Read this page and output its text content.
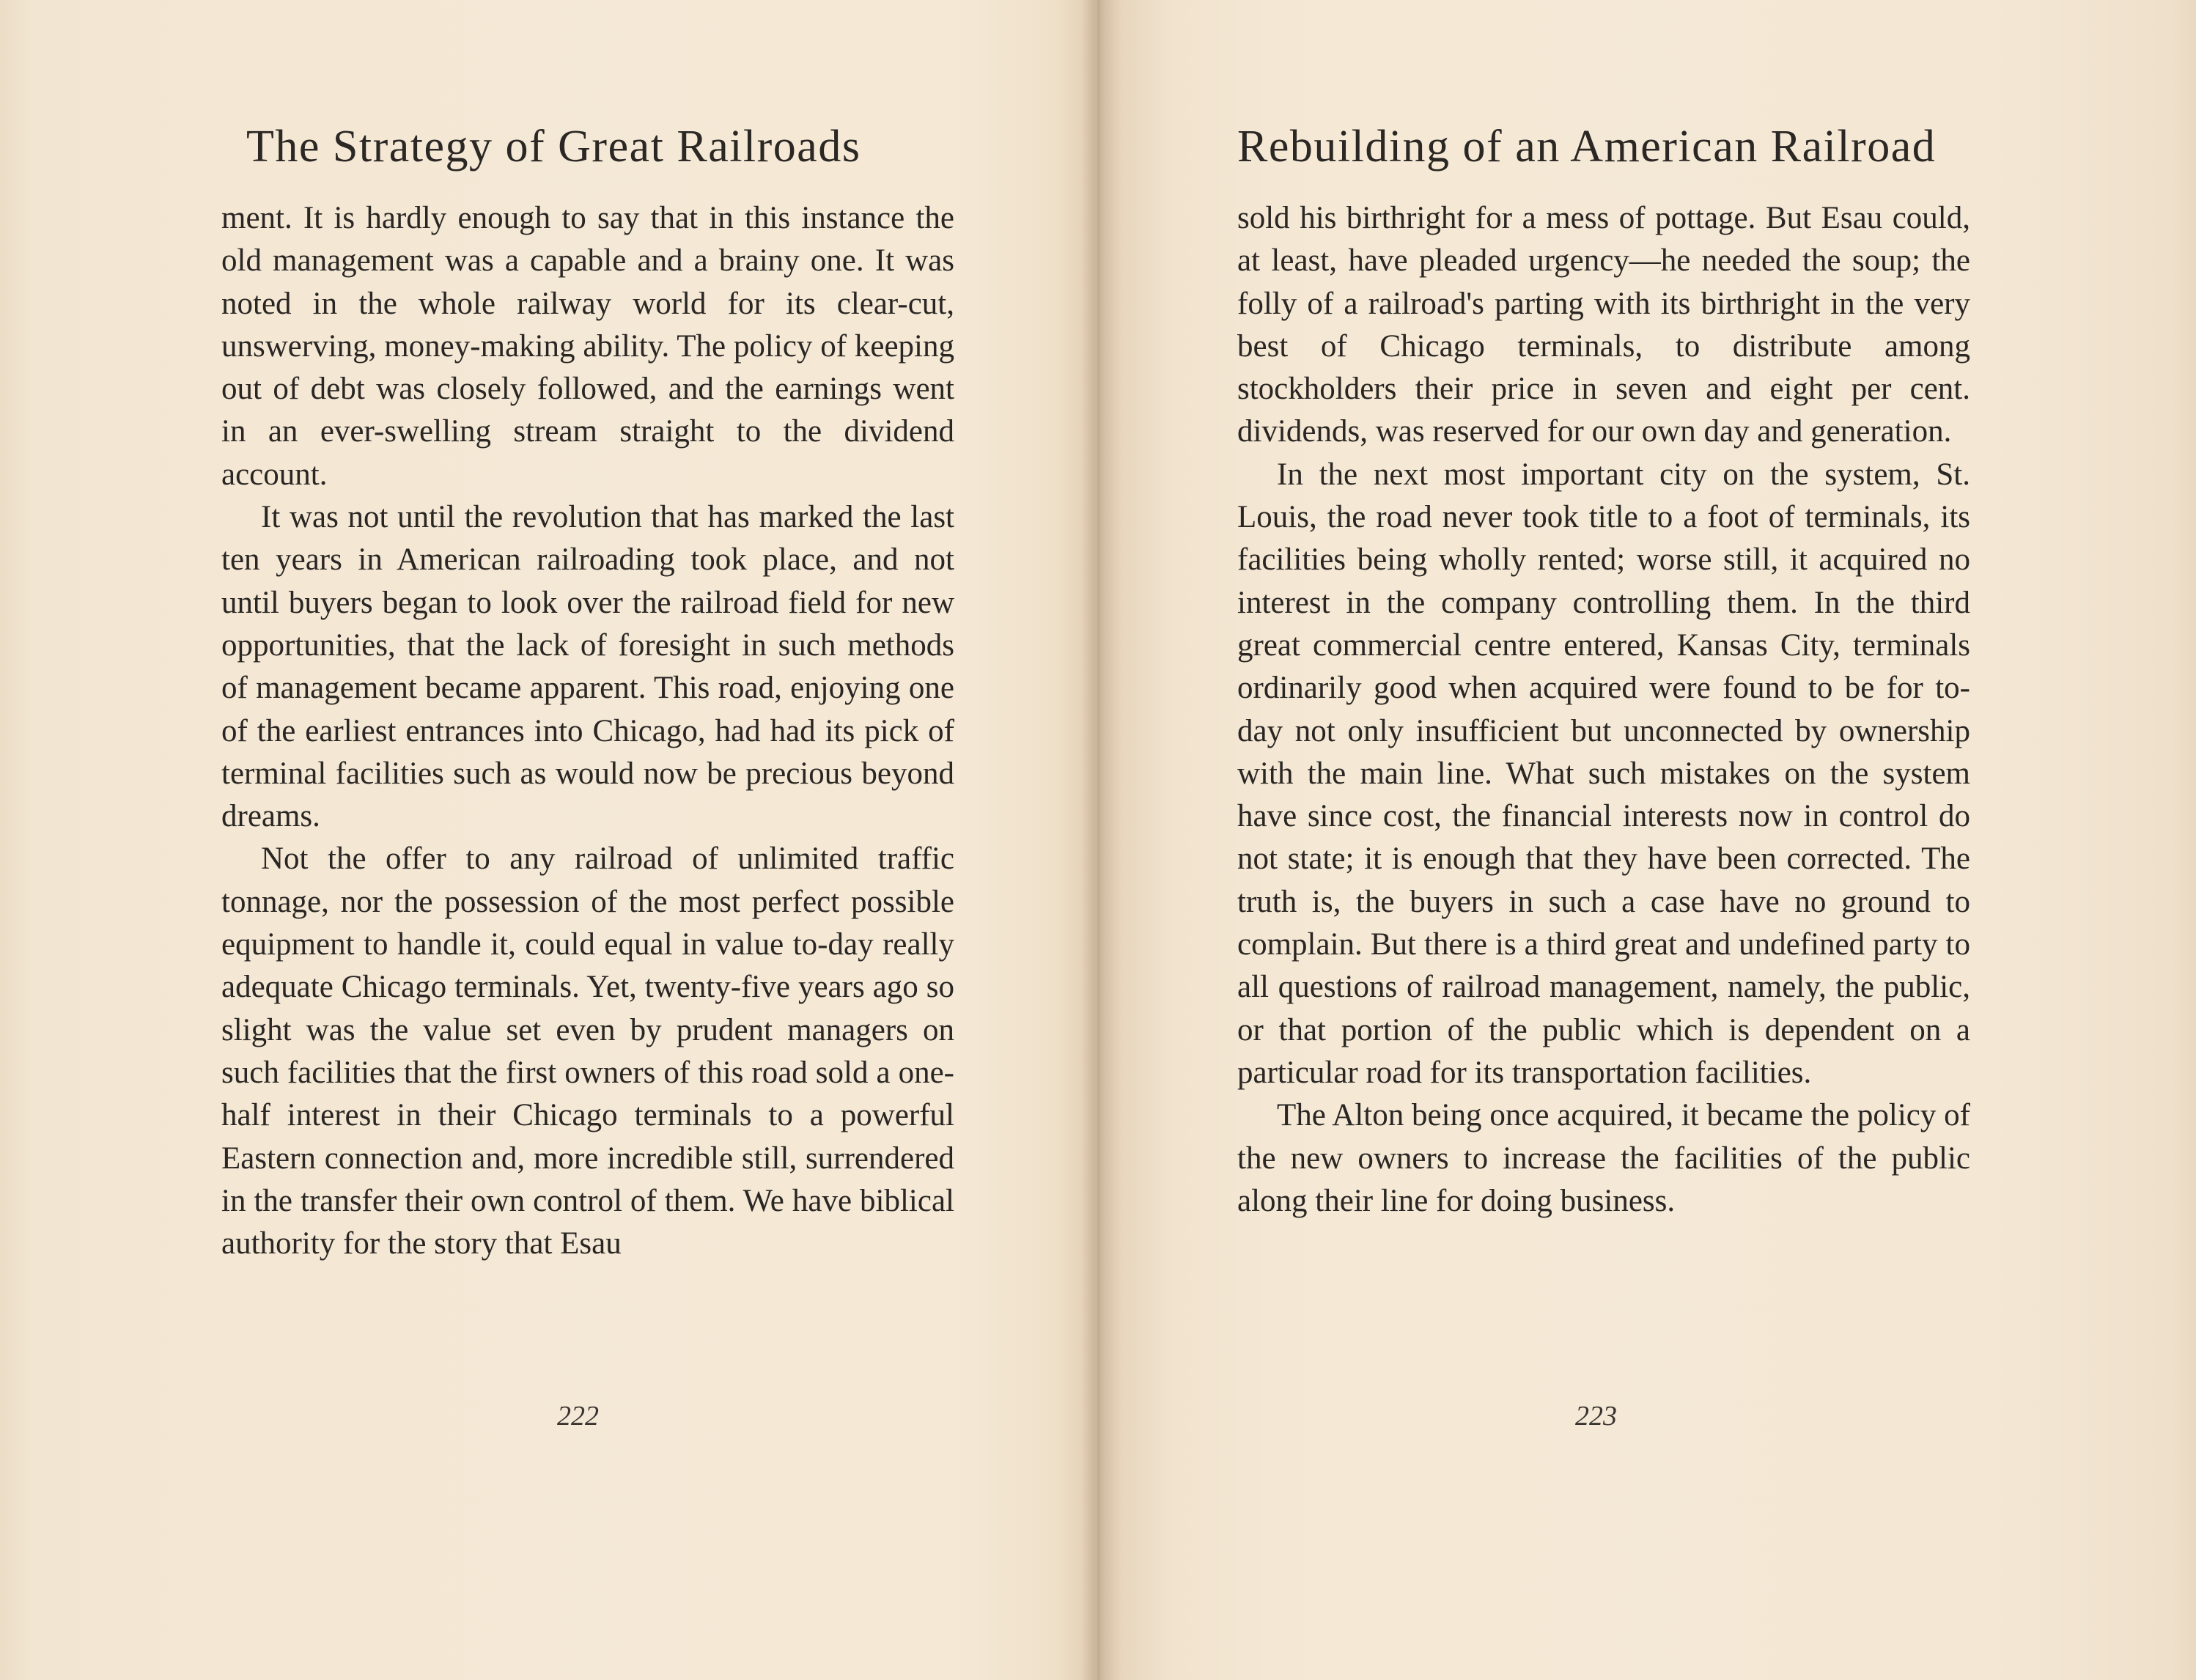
The Strategy of Great Railroads

ment. It is hardly enough to say that in this instance the old management was a capable and a brainy one. It was noted in the whole railway world for its clear-cut, unswerving, money-making ability. The policy of keeping out of debt was closely followed, and the earnings went in an ever-swelling stream straight to the dividend account.

It was not until the revolution that has marked the last ten years in American railroading took place, and not until buyers began to look over the railroad field for new opportunities, that the lack of foresight in such methods of management became apparent. This road, enjoying one of the earliest entrances into Chicago, had had its pick of terminal facilities such as would now be precious beyond dreams.

Not the offer to any railroad of unlimited traffic tonnage, nor the possession of the most perfect possible equipment to handle it, could equal in value to-day really adequate Chicago terminals. Yet, twenty-five years ago so slight was the value set even by prudent managers on such facilities that the first owners of this road sold a one-half interest in their Chicago terminals to a powerful Eastern connection and, more incredible still, surrendered in the transfer their own control of them. We have biblical authority for the story that Esau

222
Rebuilding of an American Railroad

sold his birthright for a mess of pottage. But Esau could, at least, have pleaded urgency—he needed the soup; the folly of a railroad's parting with its birthright in the very best of Chicago terminals, to distribute among stockholders their price in seven and eight per cent. dividends, was reserved for our own day and generation.

In the next most important city on the system, St. Louis, the road never took title to a foot of terminals, its facilities being wholly rented; worse still, it acquired no interest in the company controlling them. In the third great commercial centre entered, Kansas City, terminals ordinarily good when acquired were found to be for to-day not only insufficient but unconnected by ownership with the main line. What such mistakes on the system have since cost, the financial interests now in control do not state; it is enough that they have been corrected. The truth is, the buyers in such a case have no ground to complain. But there is a third great and undefined party to all questions of railroad management, namely, the public, or that portion of the public which is dependent on a particular road for its transportation facilities.

The Alton being once acquired, it became the policy of the new owners to increase the facilities of the public along their line for doing business.

223
